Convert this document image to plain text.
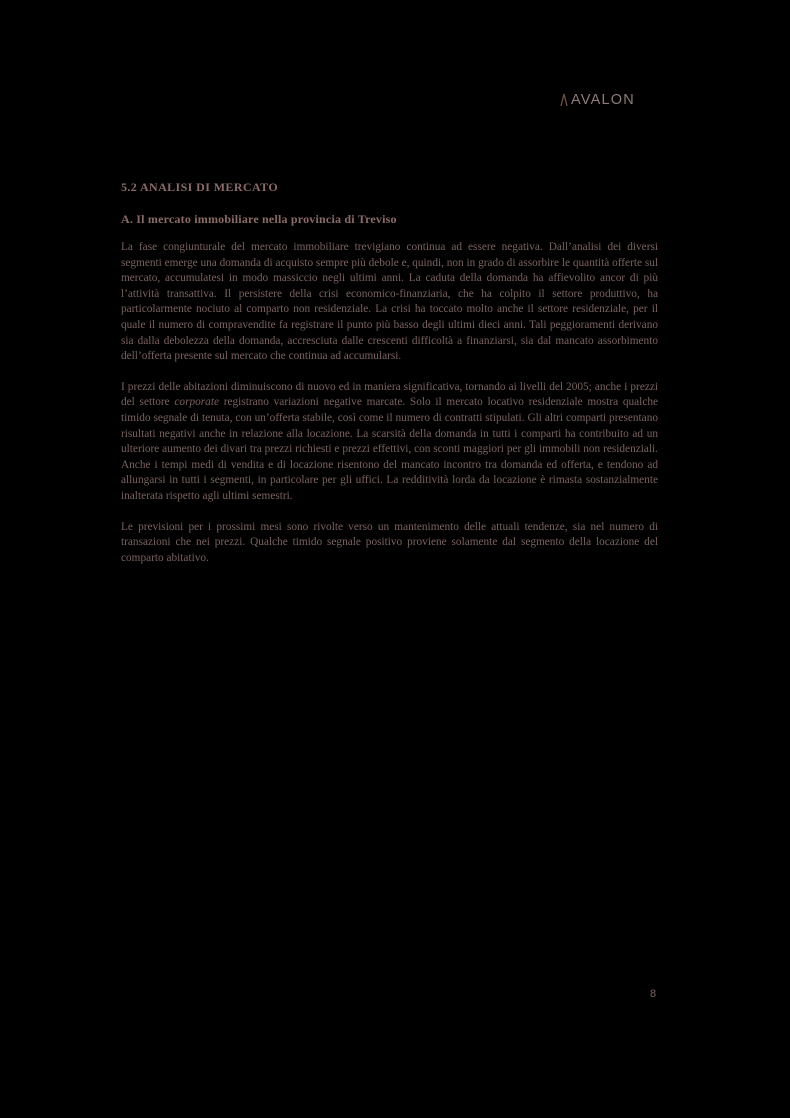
AVALON
5.2 ANALISI DI MERCATO
A. Il mercato immobiliare nella provincia di Treviso

La fase congiunturale del mercato immobiliare trevigiano continua ad essere negativa. Dall’analisi dei diversi segmenti emerge una domanda di acquisto sempre più debole e, quindi, non in grado di assorbire le quantità offerte sul mercato, accumulatesi in modo massiccio negli ultimi anni. La caduta della domanda ha affievolito ancor di più l’attività transattiva. Il persistere della crisi economico-finanziaria, che ha colpito il settore produttivo, ha particolarmente nociuto al comparto non residenziale. La crisi ha toccato molto anche il settore residenziale, per il quale il numero di compravendite fa registrare il punto più basso degli ultimi dieci anni. Tali peggioramenti derivano sia dalla debolezza della domanda, accresciuta dalle crescenti difficoltà a finanziarsi, sia dal mancato assorbimento dell’offerta presente sul mercato che continua ad accumularsi.

I prezzi delle abitazioni diminuiscono di nuovo ed in maniera significativa, tornando ai livelli del 2005; anche i prezzi del settore corporate registrano variazioni negative marcate. Solo il mercato locativo residenziale mostra qualche timido segnale di tenuta, con un’offerta stabile, così come il numero di contratti stipulati. Gli altri comparti presentano risultati negativi anche in relazione alla locazione. La scarsità della domanda in tutti i comparti ha contribuito ad un ulteriore aumento dei divari tra prezzi richiesti e prezzi effettivi, con sconti maggiori per gli immobili non residenziali. Anche i tempi medi di vendita e di locazione risentono del mancato incontro tra domanda ed offerta, e tendono ad allungarsi in tutti i segmenti, in particolare per gli uffici. La redditività lorda da locazione è rimasta sostanzialmente inalterata rispetto agli ultimi semestri.

Le previsioni per i prossimi mesi sono rivolte verso un mantenimento delle attuali tendenze, sia nel numero di transazioni che nei prezzi. Qualche timido segnale positivo proviene solamente dal segmento della locazione del comparto abitativo.

8
